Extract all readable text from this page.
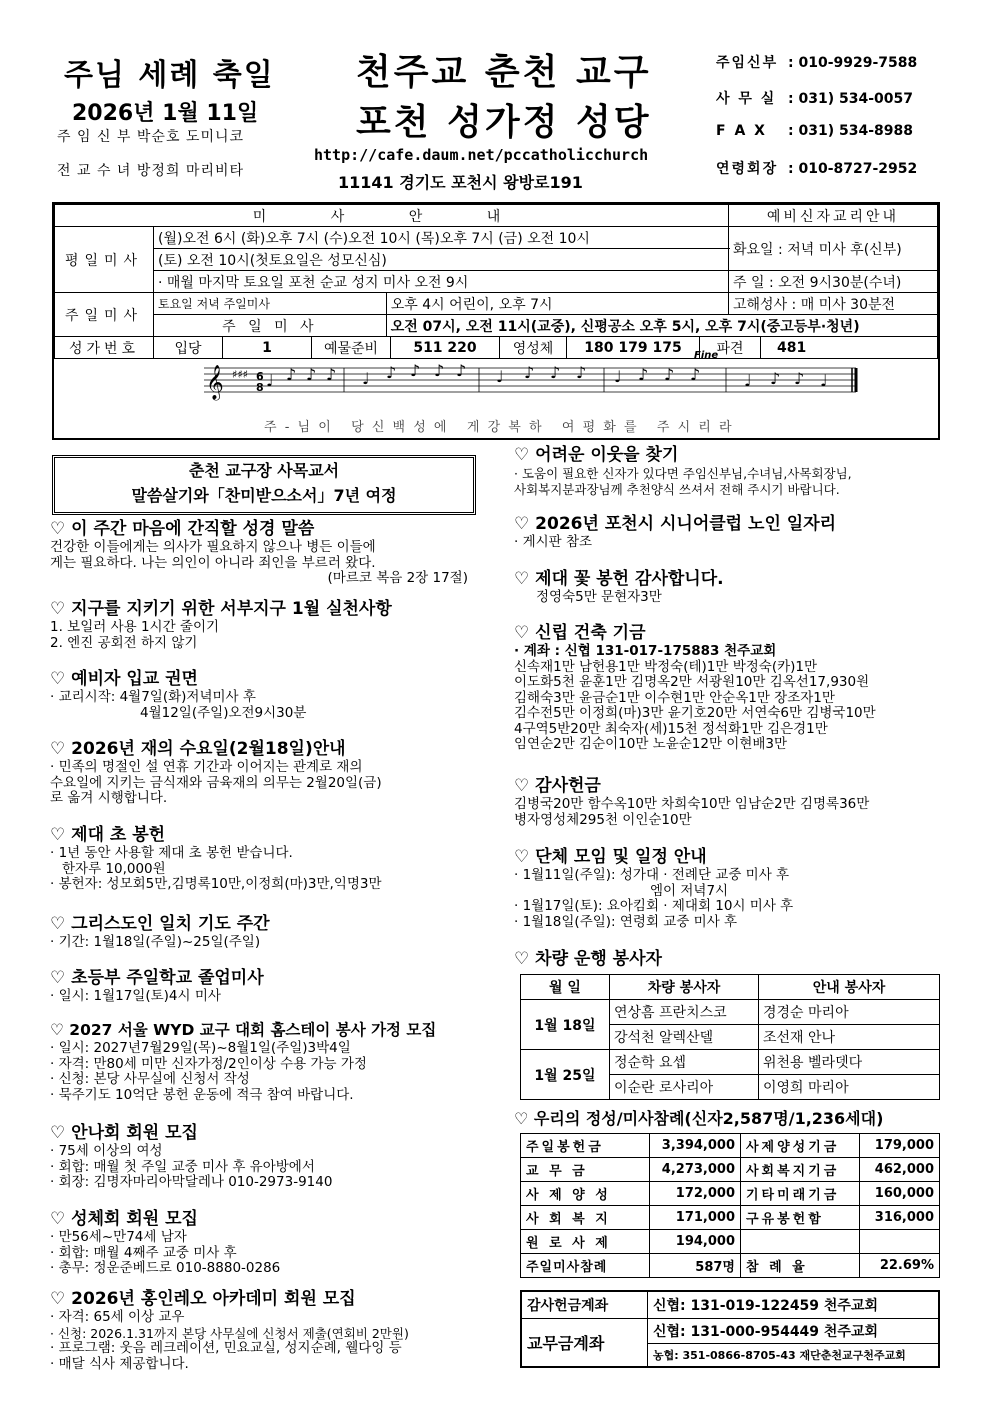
주님 세례 축일
2026년 1월 11일
주 임 신 부 박순호 도미니코
전 교 수 녀 방정희 마리비타
천주교 춘천 교구
포천 성가정 성당
http://cafe.daum.net/pccatholicchurch
11141 경기도 포천시 왕방로191
주임신부 : 010-9929-7588
사 무 실 : 031) 534-0057
F A X : 031) 534-8988
연령회장 : 010-8727-2952
미 사 안 내	예비신자교리안내
평일미사	(월)오전 6시 (화)오후 7시 (수)오전 10시 (목)오후 7시 (금) 오전 10시	화요일 : 저녁 미사 후(신부)
(토) 오전 10시(첫토요일은 성모신심)
· 매월 마지막 토요일 포천 순교 성지 미사 오전 9시	주 일 : 오전 9시30분(수녀)
주일미사	토요일 저녁 주일미사	오후 4시 어린이, 오후 7시	고해성사 : 매 미사 30분전
주 일 미 사	오전 07시, 오전 11시(교중), 신평공소 오후 5시, 오후 7시(중고등부·청년)
성가번호		입당	1	예물준비	511 220	영성체	180 179 175	파견	481
𝄞 ♯♯♯ 6
8 ♩ ♪ ♪ ♪ ♩ ♪ ♪ ♪ ♪ ♩ ♪ ♪ ♪ ♩ ♪ ♪ ♪	♩ ♪ ♪ ♩
Fine
주 - 님 이   당 신 백 성 에   게 강 복 하   여 평 화 를   주 시 리 라
춘천 교구장 사목교서
말씀살기와「찬미받으소서」7년 여정
♡ 이 주간 마음에 간직할 성경 말씀

건강한 이들에게는 의사가 필요하지 않으나 병든 이들에

게는 필요하다. 나는 의인이 아니라 죄인을 부르러 왔다.

(마르코 복음 2장 17절)

♡ 지구를 지키기 위한 서부지구 1월 실천사항

1. 보일러 사용 1시간 줄이기

2. 엔진 공회전 하지 않기

♡ 예비자 입교 권면

· 교리시작: 4월7일(화)저녁미사 후

4월12일(주일)오전9시30분

♡ 2026년 재의 수요일(2월18일)안내

· 민족의 명절인 설 연휴 기간과 이어지는 관계로 재의

수요일에 지키는 금식재와 금육재의 의무는 2월20일(금)

로 옮겨 시행합니다.

♡ 제대 초 봉헌

· 1년 동안 사용할 제대 초 봉헌 받습니다.

한자루 10,000원

· 봉헌자: 성모회5만,김명록10만,이정희(마)3만,익명3만

♡ 그리스도인 일치 기도 주간

· 기간: 1월18일(주일)~25일(주일)

♡ 초등부 주일학교 졸업미사

· 일시: 1월17일(토)4시 미사

♡ 2027 서울 WYD 교구 대회 홈스테이 봉사 가정 모집

· 일시: 2027년7월29일(목)~8월1일(주일)3박4일

· 자격: 만80세 미만 신자가정/2인이상 수용 가능 가정

· 신청: 본당 사무실에 신청서 작성

· 묵주기도 10억단 봉헌 운동에 적극 참여 바랍니다.

♡ 안나회 회원 모집

· 75세 이상의 여성

· 회합: 매월 첫 주일 교중 미사 후 유아방에서

· 회장: 김명자마리아막달레나 010-2973-9140

♡ 성체회 회원 모집

· 만56세~만74세 남자

· 회합: 매월 4째주 교중 미사 후

· 총무: 정운준베드로 010-8880-0286

♡ 2026년 홍인레오 아카데미 회원 모집

· 자격: 65세 이상 교우

· 신청: 2026.1.31까지 본당 사무실에 신청서 제출(연회비 2만원)

· 프로그램: 웃음 레크레이션, 민요교실, 성지순례, 웰다잉 등

· 매달 식사 제공합니다.

♡ 어려운 이웃을 찾기

· 도움이 필요한 신자가 있다면 주임신부님,수녀님,사목회장님,

사회복지분과장님께 추천양식 쓰셔서 전해 주시기 바랍니다.

♡ 2026년 포천시 시니어클럽 노인 일자리

· 게시판 참조

♡ 제대 꽃 봉헌 감사합니다.

정영숙5만 문현자3만

♡ 신립 건축 기금

· 계좌 : 신협 131-017-175883 천주교회

신속재1만 남헌용1만 박정숙(테)1만 박정숙(카)1만

이도화5천 윤훈1만 김명옥2만 서광원10만 김옥선17,930원

김해숙3만 윤금순1만 이수현1만 안순옥1만 장조자1만

김수전5만 이정희(마)3만 윤기호20만 서연숙6만 김병국10만

4구역5반20만 최숙자(세)15천 정석화1만 김은경1만

임연순2만 김순이10만 노윤순12만 이현배3만

♡ 감사헌금

김병국20만 함수옥10만 차희숙10만 임남순2만 김명록36만

병자영성체295천 이인순10만

♡ 단체 모임 및 일정 안내

· 1월11일(주일): 성가대 · 전례단 교중 미사 후

엠이 저녁7시

· 1월17일(토): 요아킴회 · 제대회 10시 미사 후

· 1월18일(주일): 연령회 교중 미사 후

♡ 차량 운행 봉사자
월 일	차량 봉사자	안내 봉사자
1월 18일	연상흠 프란치스코	경경순 마리아
	강석천 알렉산델	조선재 안나
1월 25일	정순학 요셉	위천용 벨라뎃다
	이순란 로사리아	이영희 마리아
♡ 우리의 정성/미사참례(신자2,587명/1,236세대)
주일봉헌금	3,394,000	사제양성기금	179,000
교 무 금	4,273,000	사회복지기금	462,000
사 제 양 성	172,000	기타미래기금	160,000
사 회 복 지	171,000	구유봉헌함	316,000
원 로 사 제	194,000		
주일미사참례	587명	참 례 율	22.69%
감사헌금계좌	신협: 131-019-122459 천주교회
교무금계좌	신협: 131-000-954449 천주교회
	농협: 351-0866-8705-43 재단춘천교구천주교회
